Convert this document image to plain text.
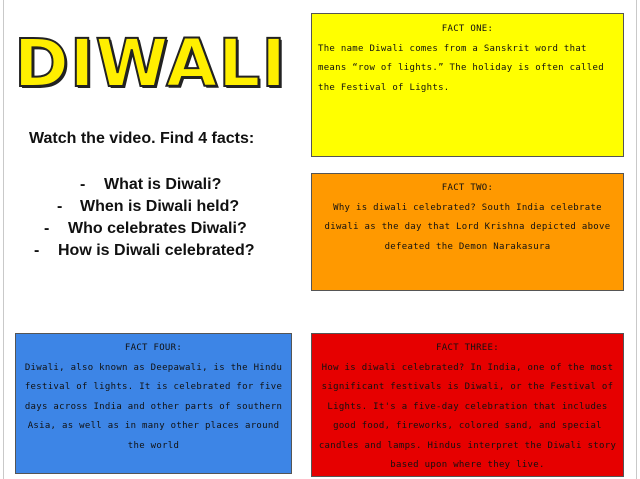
DIWALI
Watch the video. Find 4 facts:
- What is Diwali?
- When is Diwali held?
- Who celebrates Diwali?
- How is Diwali celebrated?
FACT ONE:
The name Diwali comes from a Sanskrit word that means “row of lights.” The holiday is often called the Festival of Lights.
FACT TWO:
Why is diwali celebrated? South India celebrate diwali as the day that Lord Krishna depicted above defeated the Demon Narakasura
FACT FOUR:
Diwali, also known as Deepawali, is the Hindu festival of lights. It is celebrated for five days across India and other parts of southern Asia, as well as in many other places around the world
FACT THREE:
How is diwali celebrated? In India, one of the most significant festivals is Diwali, or the Festival of Lights. It's a five-day celebration that includes good food, fireworks, colored sand, and special candles and lamps. Hindus interpret the Diwali story based upon where they live.
